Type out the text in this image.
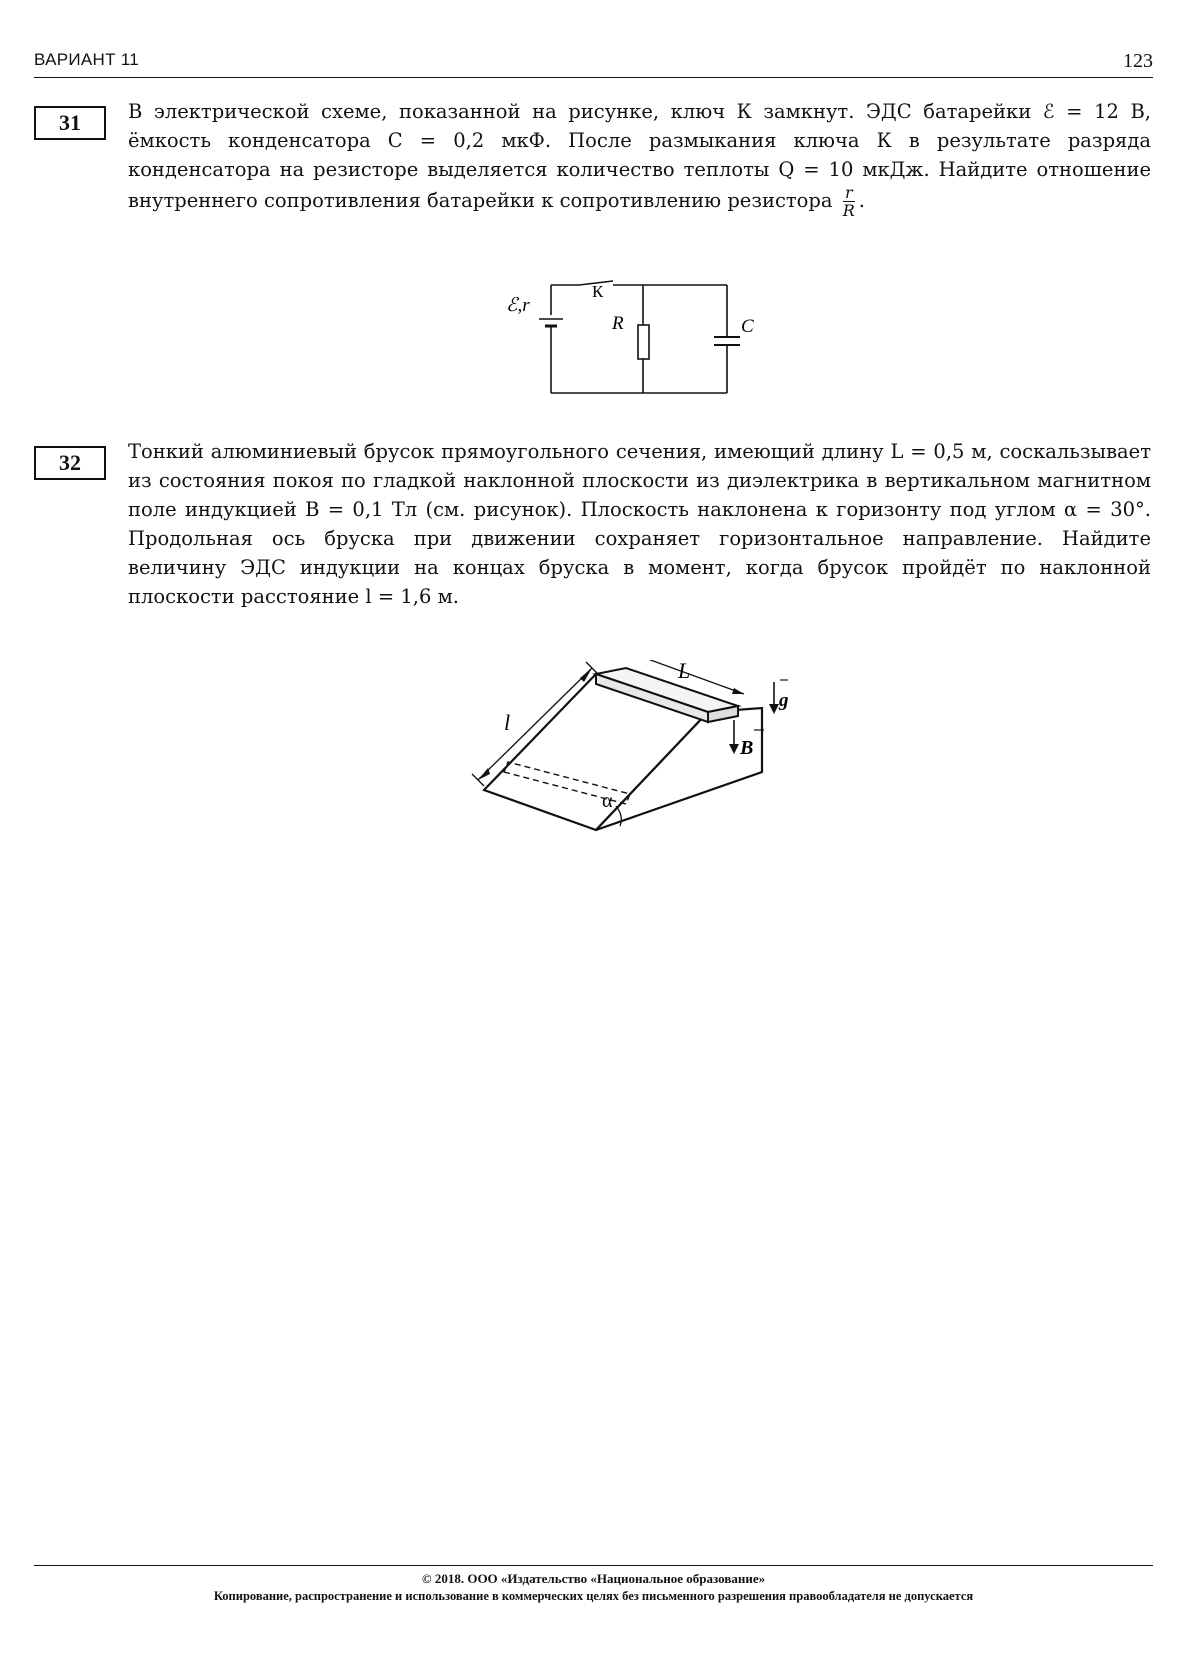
ВАРИАНТ 11	123
31	В электрической схеме, показанной на рисунке, ключ К замкнут. ЭДС батарейки ℰ = 12 В, ёмкость конденсатора C = 0,2 мкФ. После размыкания ключа К в результате разряда конденсатора на резисторе выделяется количество теплоты Q = 10 мкДж. Найдите отношение внутреннего сопротивления батарейки к сопротивлению резистора $\frac{r}{R}$ .

ℰ,r
К
R	C
32	Тонкий алюминиевый брусок прямоугольного сечения, имеющий длину L = 0,5 м, соскальзывает из состояния покоя по гладкой наклонной плоскости из диэлектрика в вертикальном магнитном поле индукцией B = 0,1 Тл (см. рисунок). Плоскость наклонена к горизонту под углом α = 30°. Продольная ось бруска при движении сохраняет горизонтальное направление. Найдите величину ЭДС индукции на концах бруска в момент, когда брусок пройдёт по наклонной плоскости расстояние l = 1,6 м.

L
l
g
B
α
© 2018. ООО «Издательство «Национальное образование»
Копирование, распространение и использование в коммерческих целях без письменного разрешения правообладателя не допускается
